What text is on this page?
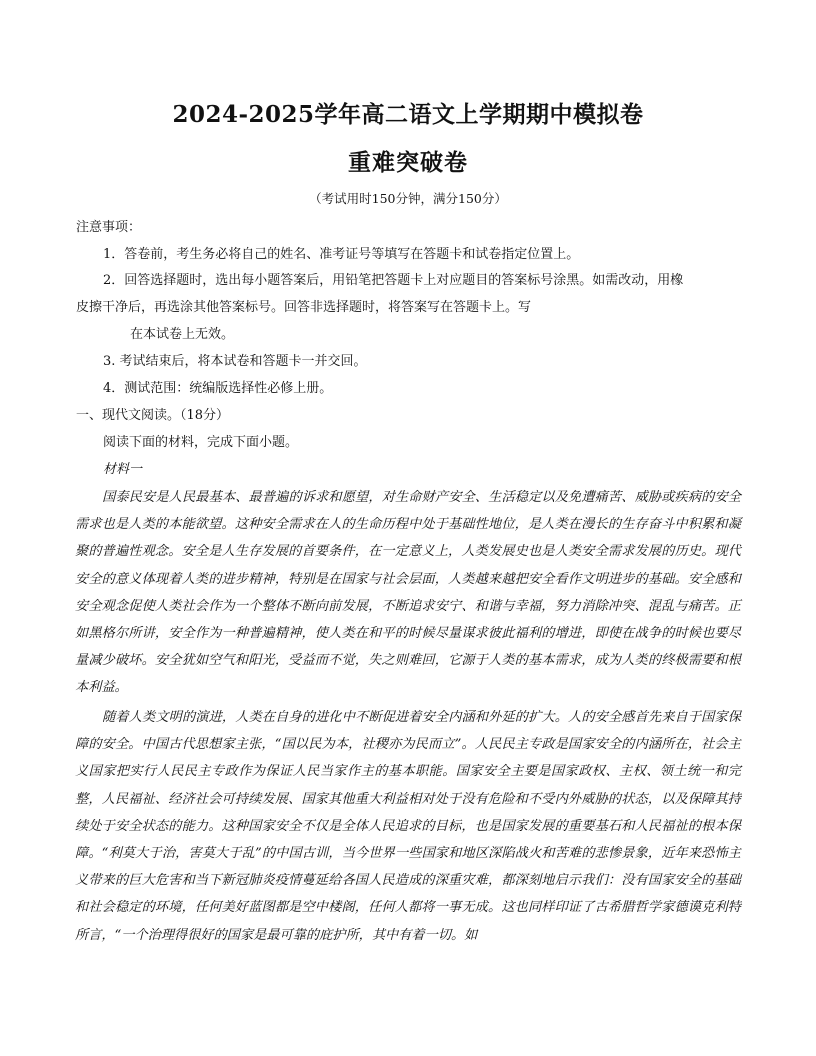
2024-2025学年高二语文上学期期中模拟卷
重难突破卷
（考试用时150分钟，满分150分）
注意事项：
1．答卷前，考生务必将自己的姓名、准考证号等填写在答题卡和试卷指定位置上。
2．回答选择题时，选出每小题答案后，用铅笔把答题卡上对应题目的答案标号涂黑。如需改动，用橡
皮擦干净后，再选涂其他答案标号。回答非选择题时，将答案写在答题卡上。写
在本试卷上无效。
3. 考试结束后，将本试卷和答题卡一并交回。
4．测试范围：统编版选择性必修上册。
一、现代文阅读。（18分）
阅读下面的材料，完成下面小题。
材料一
国泰民安是人民最基本、最普遍的诉求和愿望，对生命财产安全、生活稳定以及免遭痛苦、威胁或疾病的安全需求也是人类的本能欲望。这种安全需求在人的生命历程中处于基础性地位，是人类在漫长的生存奋斗中积累和凝聚的普遍性观念。安全是人生存发展的首要条件，在一定意义上，人类发展史也是人类安全需求发展的历史。现代安全的意义体现着人类的进步精神，特别是在国家与社会层面，人类越来越把安全看作文明进步的基础。安全感和安全观念促使人类社会作为一个整体不断向前发展，不断追求安宁、和谐与幸福，努力消除冲突、混乱与痛苦。正如黑格尔所讲，安全作为一种普遍精神，使人类在和平的时候尽量谋求彼此福利的增进，即使在战争的时候也要尽量减少破坏。安全犹如空气和阳光，受益而不觉，失之则难回，它源于人类的基本需求，成为人类的终极需要和根本利益。
随着人类文明的演进，人类在自身的进化中不断促进着安全内涵和外延的扩大。人的安全感首先来自于国家保障的安全。中国古代思想家主张，“国以民为本，社稷亦为民而立”。人民民主专政是国家安全的内涵所在，社会主义国家把实行人民民主专政作为保证人民当家作主的基本职能。国家安全主要是国家政权、主权、领土统一和完整，人民福祉、经济社会可持续发展、国家其他重大利益相对处于没有危险和不受内外威胁的状态，以及保障其持续处于安全状态的能力。这种国家安全不仅是全体人民追求的目标，也是国家发展的重要基石和人民福祉的根本保障。“利莫大于治，害莫大于乱”的中国古训，当今世界一些国家和地区深陷战火和苦难的悲惨景象，近年来恐怖主义带来的巨大危害和当下新冠肺炎疫情蔓延给各国人民造成的深重灾难，都深刻地启示我们：没有国家安全的基础和社会稳定的环境，任何美好蓝图都是空中楼阁，任何人都将一事无成。这也同样印证了古希腊哲学家德谟克利特所言，“一个治理得很好的国家是最可靠的庇护所，其中有着一切。如
